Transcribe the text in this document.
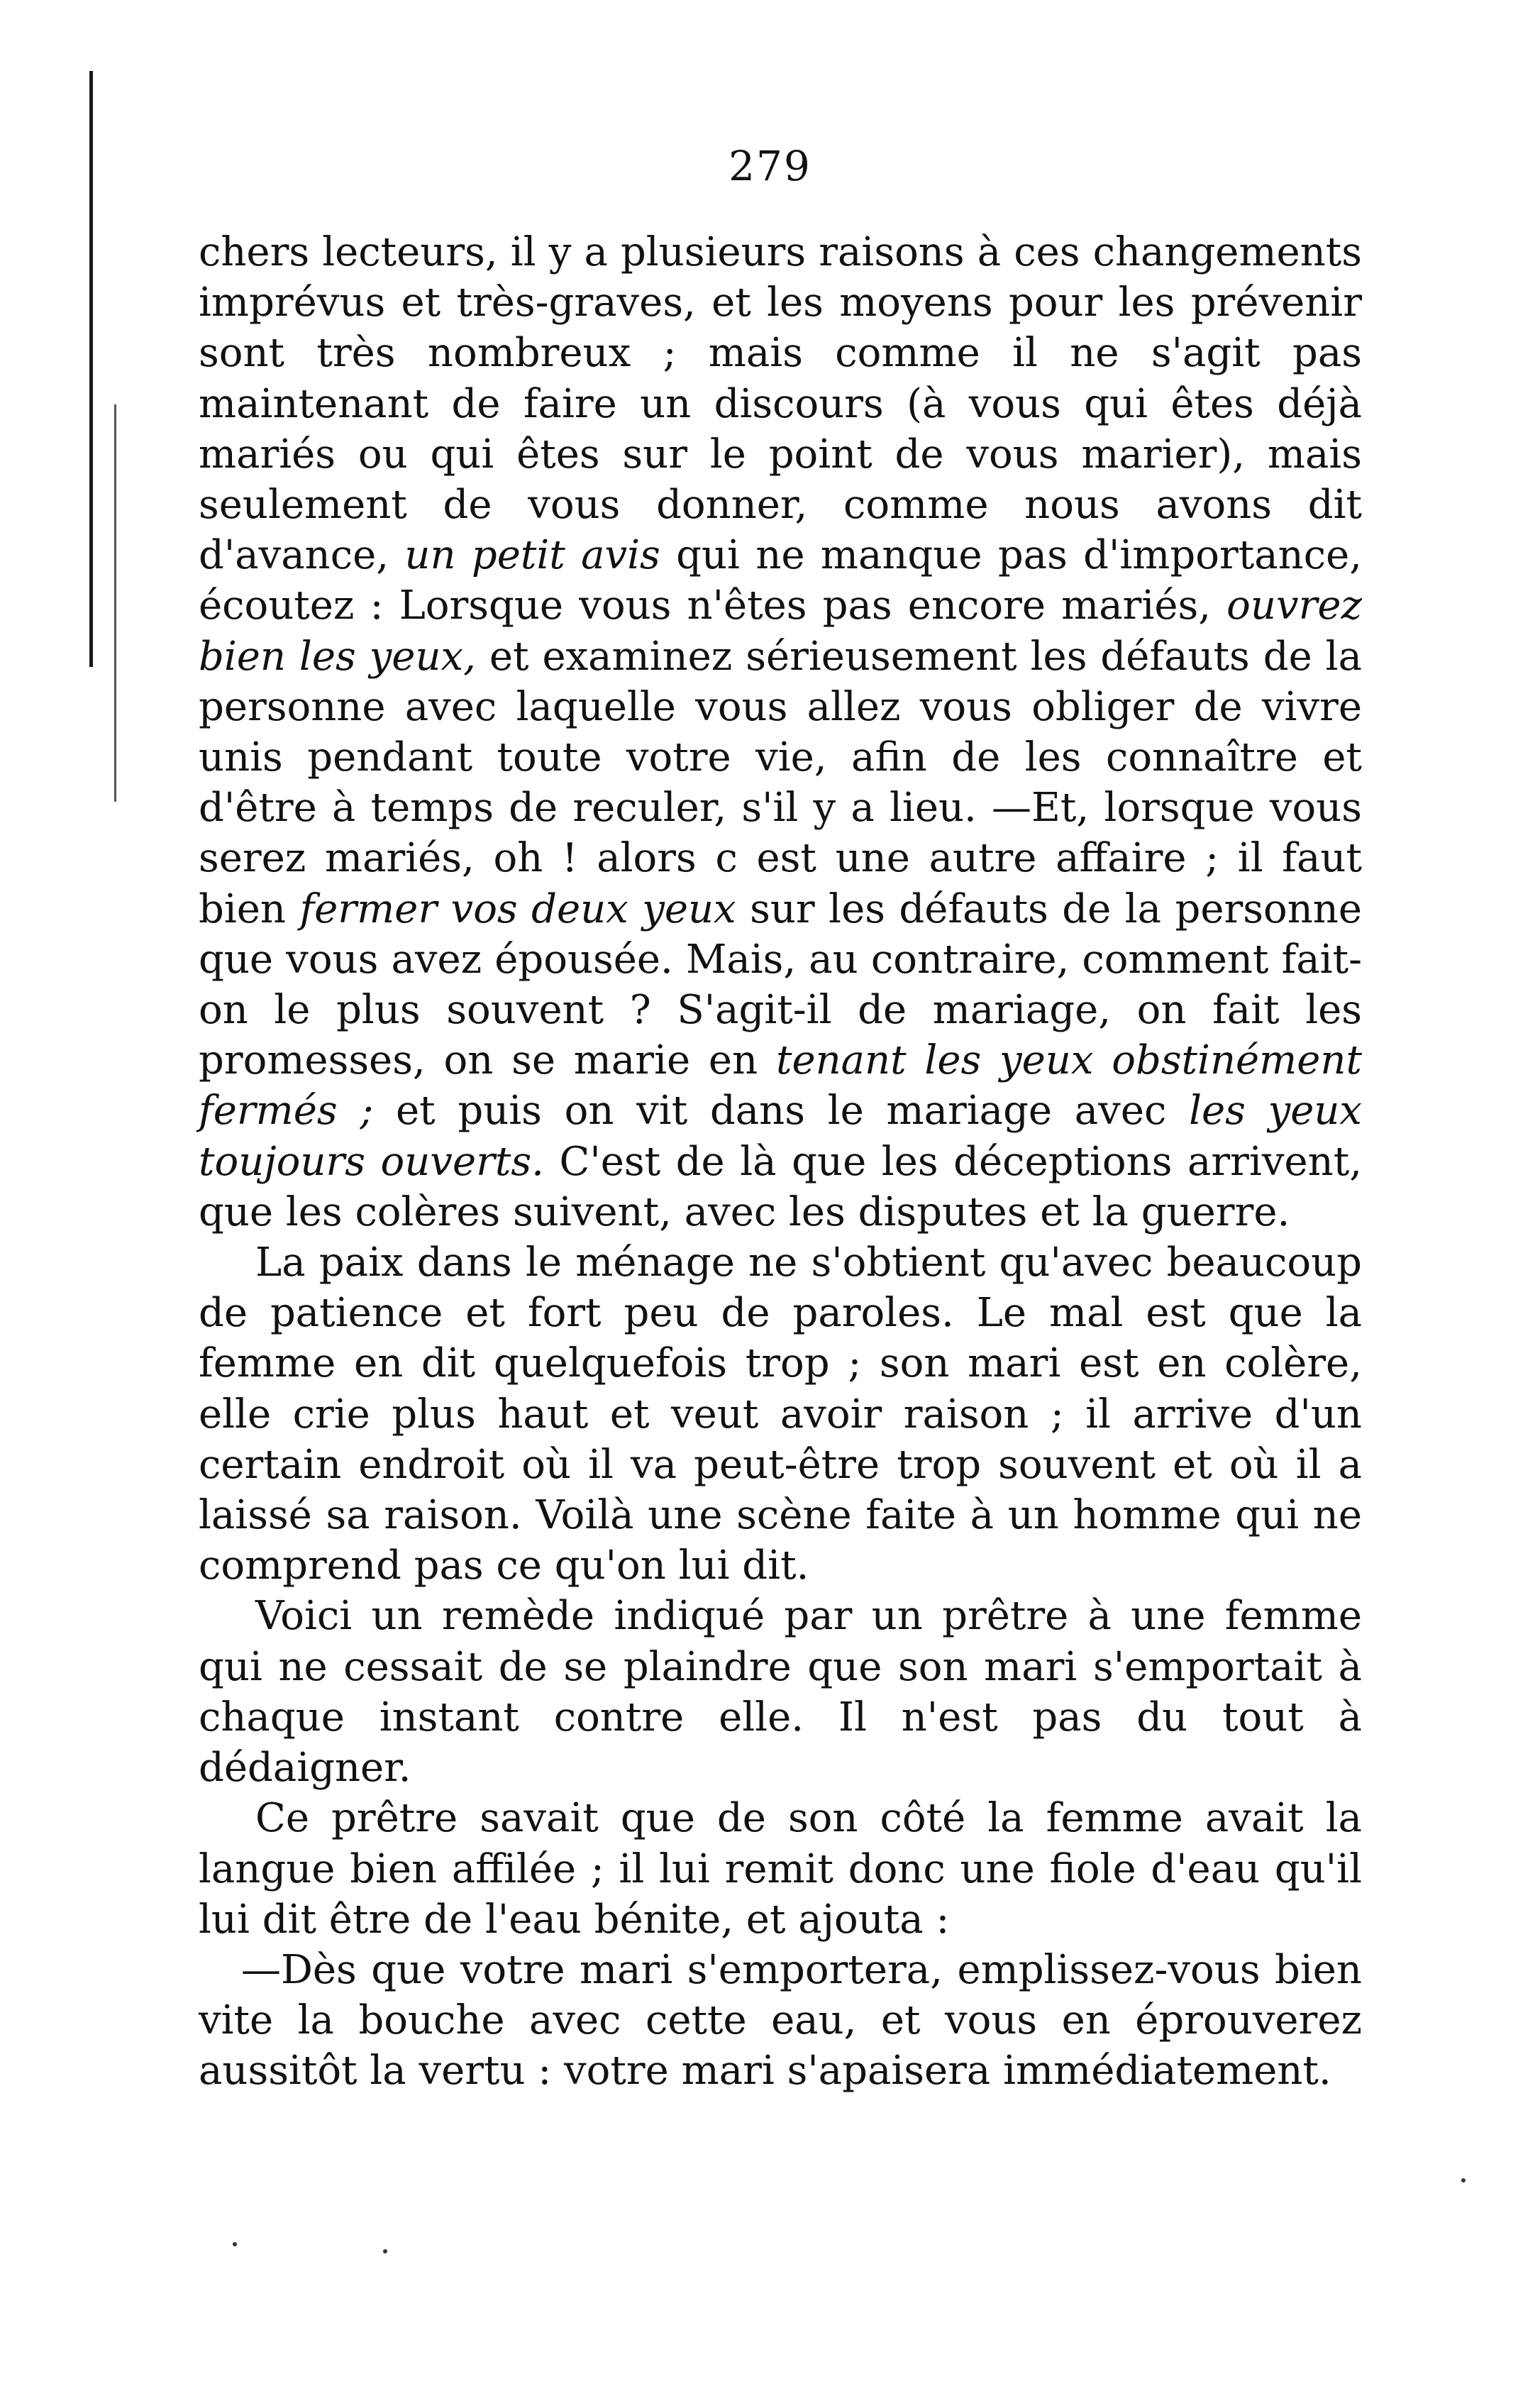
279

chers lecteurs, il y a plusieurs raisons à ces changements imprévus et très-graves, et les moyens pour les prévenir sont très nombreux ; mais comme il ne s'agit pas maintenant de faire un discours (à vous qui êtes déjà mariés ou qui êtes sur le point de vous marier), mais seulement de vous donner, comme nous avons dit d'avance, un petit avis qui ne manque pas d'importance, écoutez : Lorsque vous n'êtes pas encore mariés, ouvrez bien les yeux, et examinez sérieusement les défauts de la personne avec laquelle vous allez vous obliger de vivre unis pendant toute votre vie, afin de les connaître et d'être à temps de reculer, s'il y a lieu. —Et, lorsque vous serez mariés, oh ! alors c est une autre affaire ; il faut bien fermer vos deux yeux sur les défauts de la personne que vous avez épousée. Mais, au contraire, comment fait-on le plus souvent ? S'agit-il de mariage, on fait les promesses, on se marie en tenant les yeux obstinément fermés ; et puis on vit dans le mariage avec les yeux toujours ouverts. C'est de là que les déceptions arrivent, que les colères suivent, avec les disputes et la guerre.

La paix dans le ménage ne s'obtient qu'avec beaucoup de patience et fort peu de paroles. Le mal est que la femme en dit quelquefois trop ; son mari est en colère, elle crie plus haut et veut avoir raison ; il arrive d'un certain endroit où il va peut-être trop souvent et où il a laissé sa raison. Voilà une scène faite à un homme qui ne comprend pas ce qu'on lui dit.

Voici un remède indiqué par un prêtre à une femme qui ne cessait de se plaindre que son mari s'emportait à chaque instant contre elle. Il n'est pas du tout à dédaigner.

Ce prêtre savait que de son côté la femme avait la langue bien affilée ; il lui remit donc une fiole d'eau qu'il lui dit être de l'eau bénite, et ajouta :

—Dès que votre mari s'emportera, emplissez-vous bien vite la bouche avec cette eau, et vous en éprouverez aussitôt la vertu : votre mari s'apaisera immédiatement.
